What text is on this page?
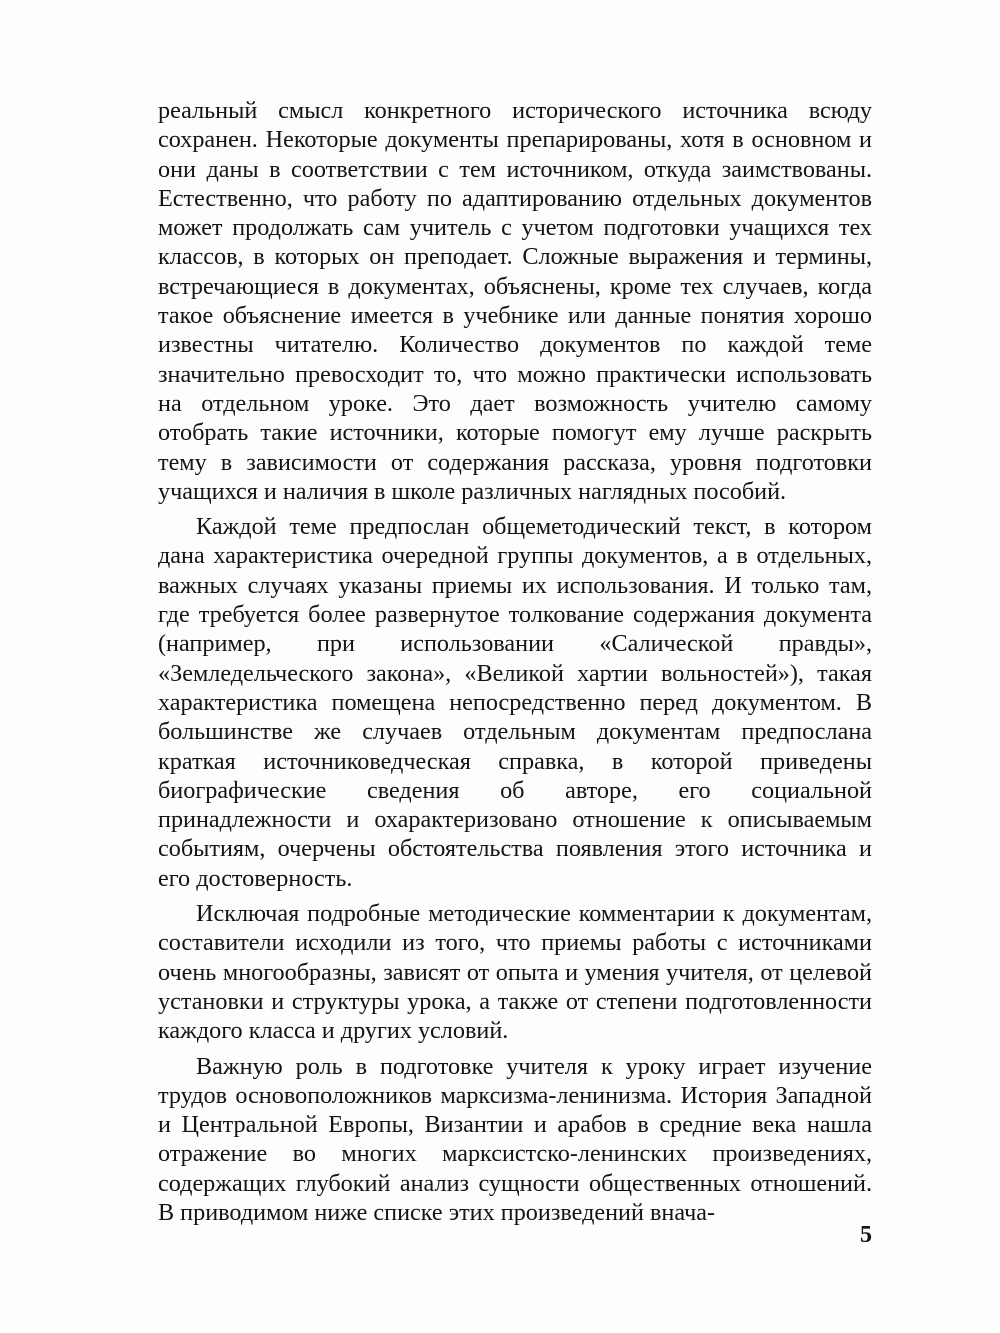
реальный смысл конкретного исторического источника всюду сохранен. Некоторые документы препарированы, хотя в основном и они даны в соответствии с тем источником, откуда заимствованы. Естественно, что работу по адаптированию отдельных документов может продолжать сам учитель с учетом подготовки учащихся тех классов, в которых он преподает. Сложные выражения и термины, встречающиеся в документах, объяснены, кроме тех случаев, когда такое объяснение имеется в учебнике или данные понятия хорошо известны читателю. Количество документов по каждой теме значительно превосходит то, что можно практически использовать на отдельном уроке. Это дает возможность учителю самому отобрать такие источники, которые помогут ему лучше раскрыть тему в зависимости от содержания рассказа, уровня подготовки учащихся и наличия в школе различных наглядных пособий.

Каждой теме предпослан общеметодический текст, в котором дана характеристика очередной группы документов, а в отдельных, важных случаях указаны приемы их использования. И только там, где требуется более развернутое толкование содержания документа (например, при использовании «Салической правды», «Земледельческого закона», «Великой хартии вольностей»), такая характеристика помещена непосредственно перед документом. В большинстве же случаев отдельным документам предпослана краткая источниковедческая справка, в которой приведены биографические сведения об авторе, его социальной принадлежности и охарактеризовано отношение к описываемым событиям, очерчены обстоятельства появления этого источника и его достоверность.

Исключая подробные методические комментарии к документам, составители исходили из того, что приемы работы с источниками очень многообразны, зависят от опыта и умения учителя, от целевой установки и структуры урока, а также от степени подготовленности каждого класса и других условий.

Важную роль в подготовке учителя к уроку играет изучение трудов основоположников марксизма-ленинизма. История Западной и Центральной Европы, Византии и арабов в средние века нашла отражение во многих марксистско-ленинских произведениях, содержащих глубокий анализ сущности общественных отношений. В приводимом ниже списке этих произведений внача-

5
